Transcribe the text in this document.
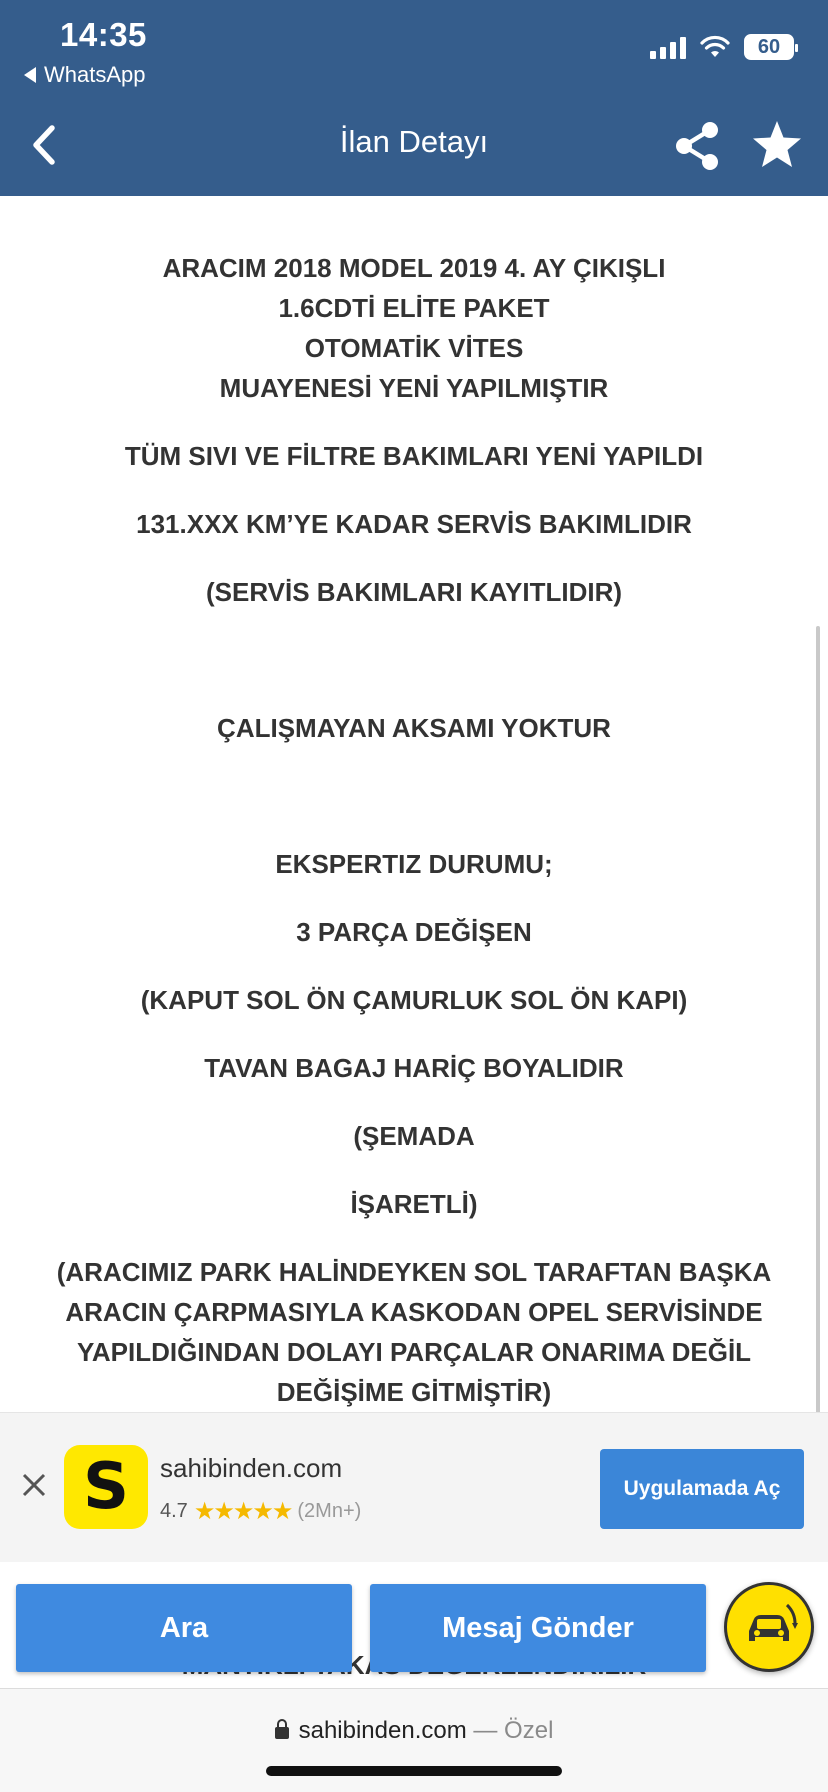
14:35
WhatsApp
60
İlan Detayı

ARACIM 2018 MODEL 2019 4. AY ÇIKIŞLI

1.6CDTİ ELİTE PAKET

OTOMATİK VİTES

MUAYENESİ YENİ YAPILMIŞTIR

TÜM SIVI VE FİLTRE BAKIMLARI YENİ YAPILDI

131.XXX KM’YE KADAR SERVİS BAKIMLIDIR

(SERVİS BAKIMLARI KAYITLIDIR)

ÇALIŞMAYAN AKSAMI YOKTUR

EKSPERTIZ DURUMU;

3 PARÇA DEĞİŞEN

(KAPUT SOL ÖN ÇAMURLUK SOL ÖN KAPI)

TAVAN BAGAJ HARİÇ BOYALIDIR

(ŞEMADA

İŞARETLİ)

(ARACIMIZ PARK HALİNDEYKEN SOL TARAFTAN BAŞKA

ARACIN ÇARPMASIYLA KASKODAN OPEL SERVİSİNDE

YAPILDIĞINDAN DOLAYI PARÇALAR ONARIMA DEĞİL

DEĞİŞİME GİTMİŞTİR)

S	sahibinden.com
4.7 ★★★★★ (2Mn+)
Uygulamada Aç
TAKAS
Ara	Mesaj Gönder
sahibinden.com — Özel
